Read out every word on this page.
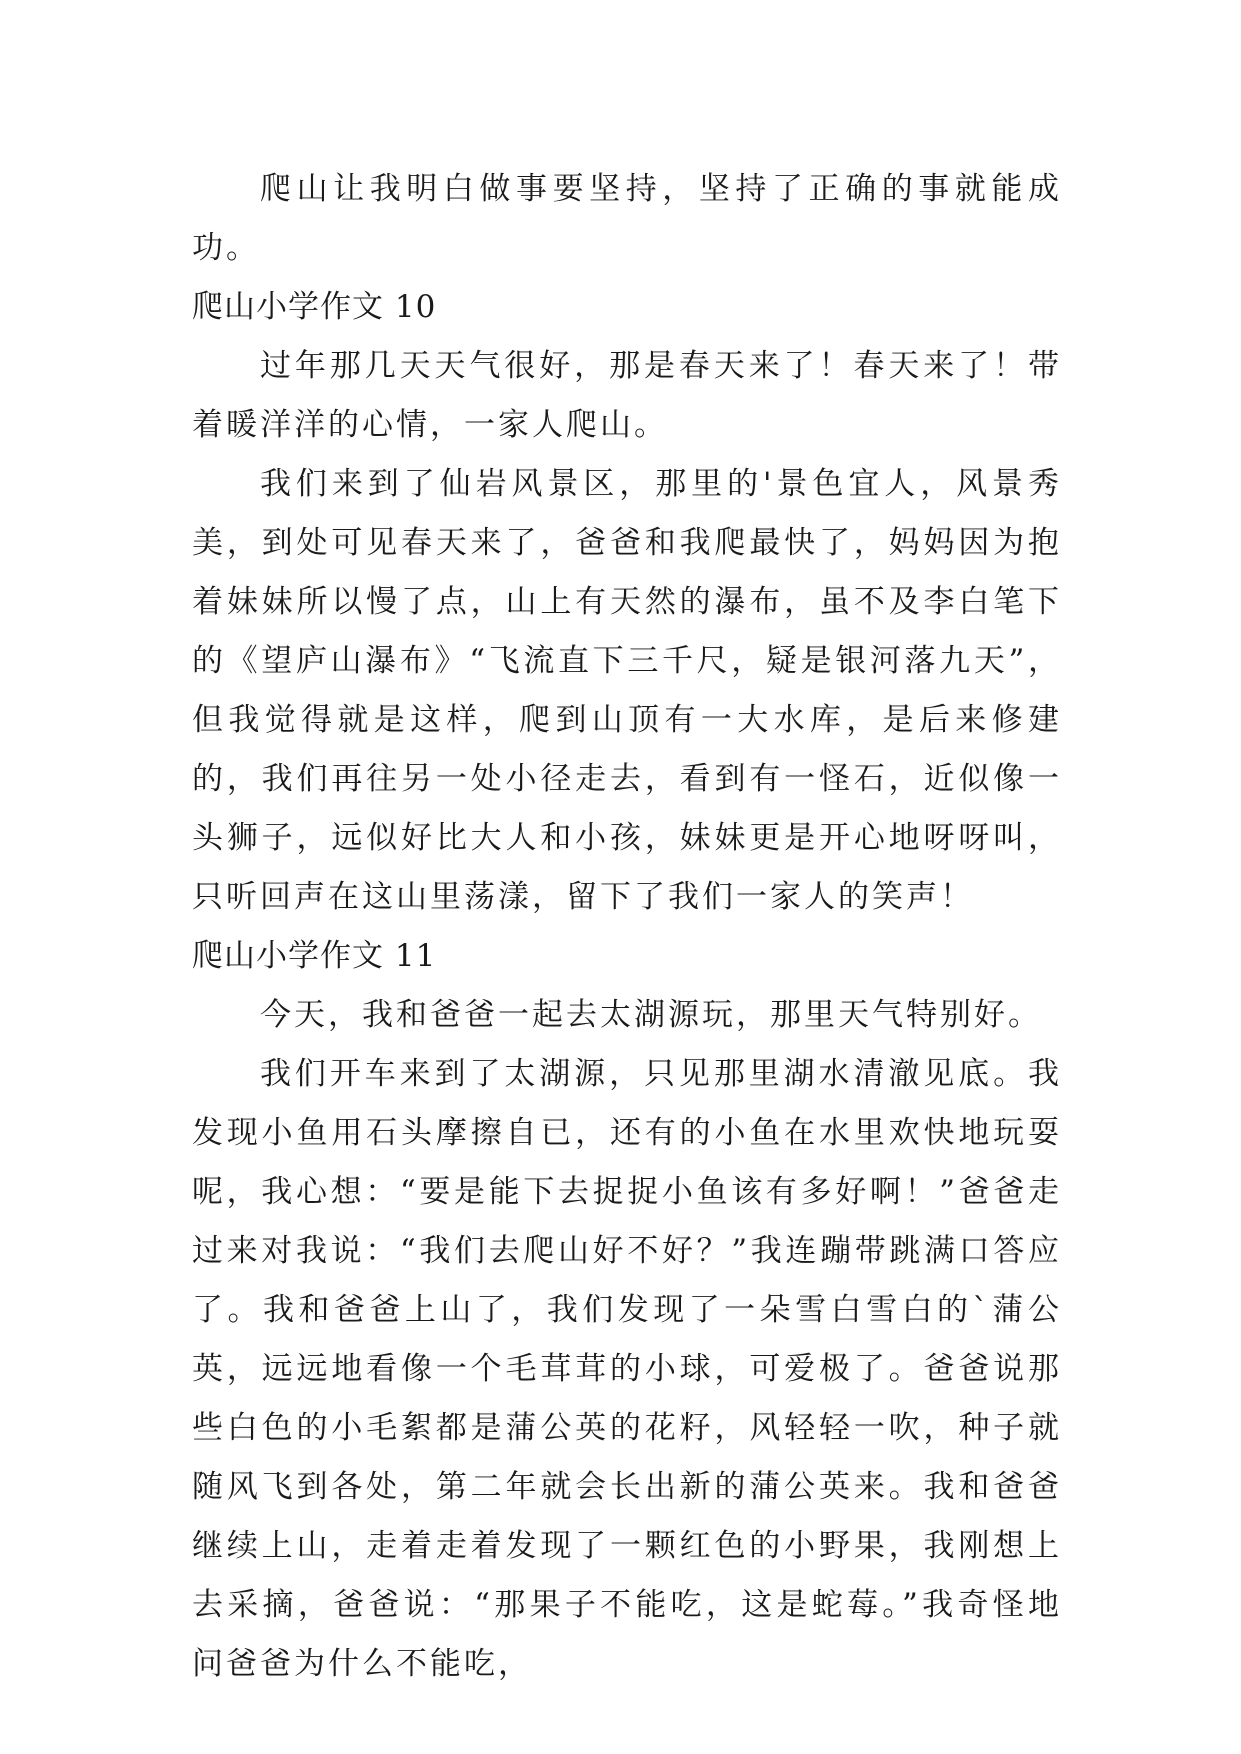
爬山让我明白做事要坚持，坚持了正确的事就能成功。

爬山小学作文 10

过年那几天天气很好，那是春天来了！春天来了！带着暖洋洋的心情，一家人爬山。

我们来到了仙岩风景区，那里的'景色宜人，风景秀美，到处可见春天来了，爸爸和我爬最快了，妈妈因为抱着妹妹所以慢了点，山上有天然的瀑布，虽不及李白笔下的《望庐山瀑布》“飞流直下三千尺，疑是银河落九天”，但我觉得就是这样，爬到山顶有一大水库，是后来修建的，我们再往另一处小径走去，看到有一怪石，近似像一头狮子，远似好比大人和小孩，妹妹更是开心地呀呀叫，只听回声在这山里荡漾，留下了我们一家人的笑声！

爬山小学作文 11

今天，我和爸爸一起去太湖源玩，那里天气特别好。

我们开车来到了太湖源，只见那里湖水清澈见底。我发现小鱼用石头摩擦自已，还有的小鱼在水里欢快地玩耍呢，我心想：“要是能下去捉捉小鱼该有多好啊！”爸爸走过来对我说：“我们去爬山好不好？”我连蹦带跳满口答应了。我和爸爸上山了，我们发现了一朵雪白雪白的`蒲公英，远远地看像一个毛茸茸的小球，可爱极了。爸爸说那些白色的小毛絮都是蒲公英的花籽，风轻轻一吹，种子就随风飞到各处，第二年就会长出新的蒲公英来。我和爸爸继续上山，走着走着发现了一颗红色的小野果，我刚想上去采摘，爸爸说：“那果子不能吃，这是蛇莓。”我奇怪地问爸爸为什么不能吃，
